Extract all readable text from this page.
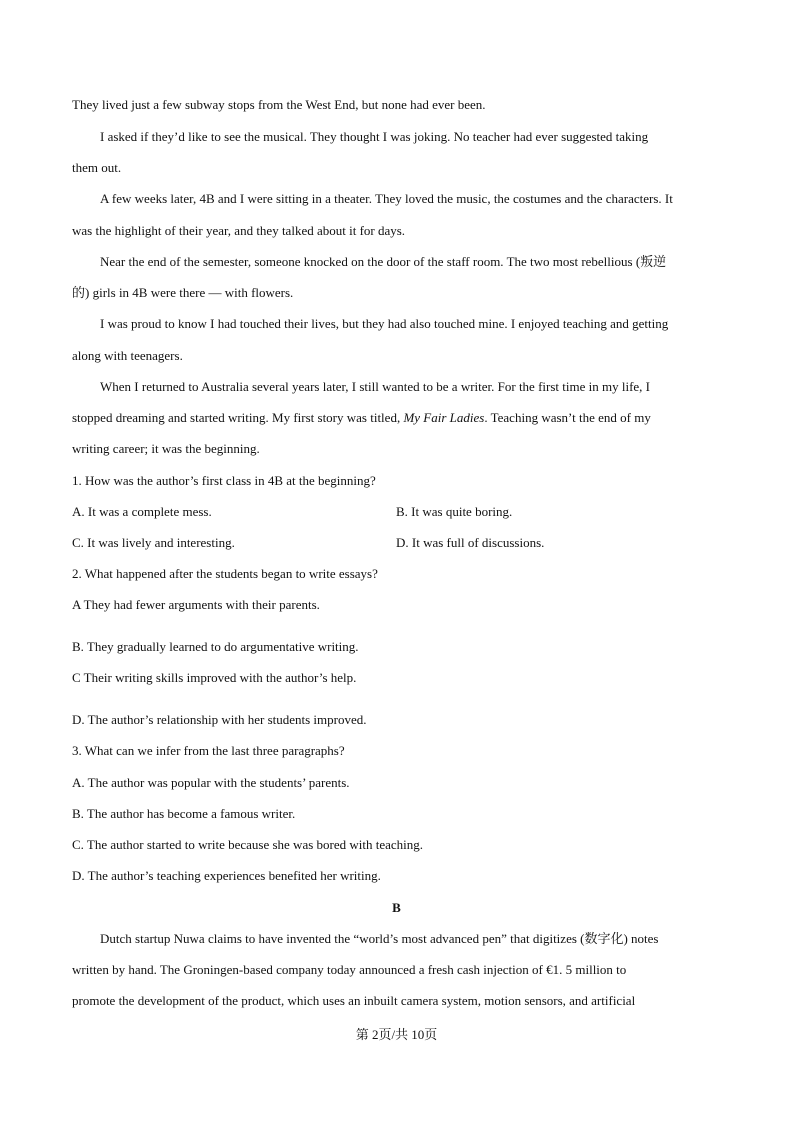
They lived just a few subway stops from the West End, but none had ever been.
I asked if they’d like to see the musical. They thought I was joking. No teacher had ever suggested taking
them out.
A few weeks later, 4B and I were sitting in a theater. They loved the music, the costumes and the characters. It
was the highlight of their year, and they talked about it for days.
Near the end of the semester, someone knocked on the door of the staff room. The two most rebellious (叛逆
的) girls in 4B were there — with flowers.
I was proud to know I had touched their lives, but they had also touched mine. I enjoyed teaching and getting
along with teenagers.
When I returned to Australia several years later, I still wanted to be a writer. For the first time in my life, I
stopped dreaming and started writing. My first story was titled, My Fair Ladies. Teaching wasn’t the end of my
writing career; it was the beginning.
1. How was the author’s first class in 4B at the beginning?
A. It was a complete mess.	B. It was quite boring.
C. It was lively and interesting.	D. It was full of discussions.
2. What happened after the students began to write essays?
A They had fewer arguments with their parents.
B. They gradually learned to do argumentative writing.
C Their writing skills improved with the author’s help.
D. The author’s relationship with her students improved.
3. What can we infer from the last three paragraphs?
A. The author was popular with the students’ parents.
B. The author has become a famous writer.
C. The author started to write because she was bored with teaching.
D. The author’s teaching experiences benefited her writing.
B
Dutch startup Nuwa claims to have invented the “world’s most advanced pen” that digitizes (数字化) notes
written by hand. The Groningen-based company today announced a fresh cash injection of €1. 5 million to
promote the development of the product, which uses an inbuilt camera system, motion sensors, and artificial
第 2页/共 10页
